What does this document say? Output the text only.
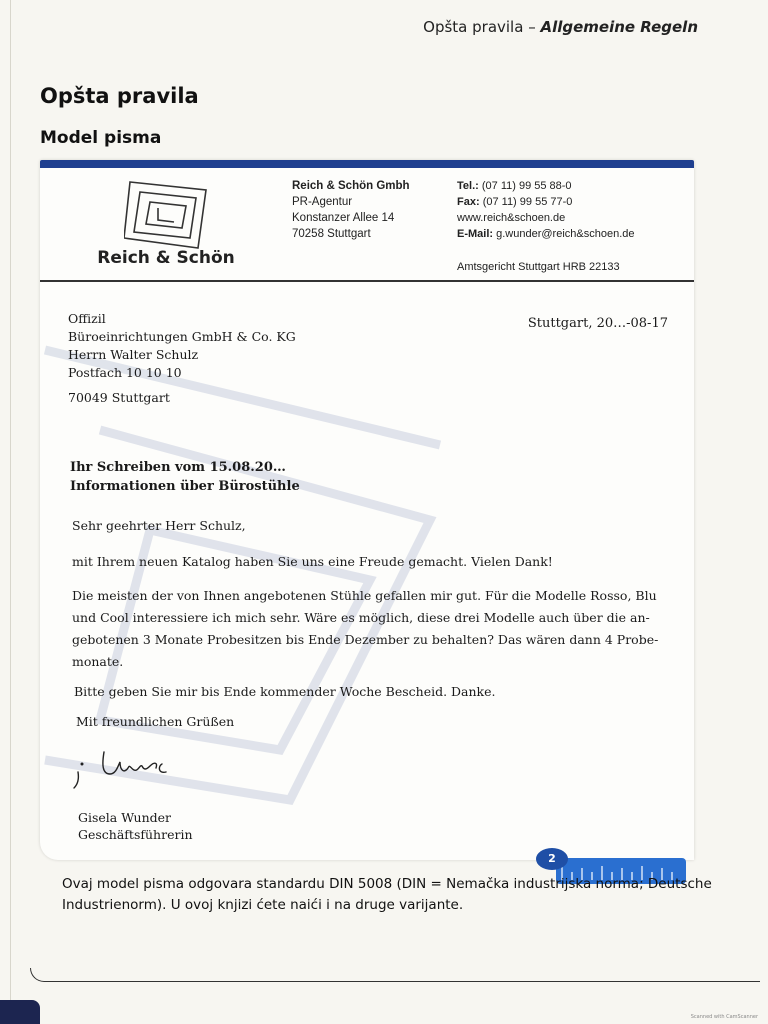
Opšta pravila – Allgemeine Regeln
Opšta pravila
Model pisma
Reich & Schön
Reich & Schön Gmbh
PR-Agentur
Konstanzer Allee 14
70258 Stuttgart
Tel.: (07 11) 99 55 88-0
Fax: (07 11) 99 55 77-0
www.reich&schoen.de
E-Mail: g.wunder@reich&schoen.de
Amtsgericht Stuttgart HRB 22133
Offizil
Büroeinrichtungen GmbH & Co. KG
Herrn Walter Schulz
Postfach 10 10 10
70049 Stuttgart
Stuttgart, 20…-08-17
Ihr Schreiben vom 15.08.20…
Informationen über Bürostühle
Sehr geehrter Herr Schulz,
mit Ihrem neuen Katalog haben Sie uns eine Freude gemacht. Vielen Dank!
Die meisten der von Ihnen angebotenen Stühle gefallen mir gut. Für die Modelle Rosso, Blu
und Cool interessiere ich mich sehr. Wäre es möglich, diese drei Modelle auch über die an-
gebotenen 3 Monate Probesitzen bis Ende Dezember zu behalten? Das wären dann 4 Probe-
monate.
Bitte geben Sie mir bis Ende kommender Woche Bescheid. Danke.
Mit freundlichen Grüßen
Gisela Wunder
Geschäftsführerin
2
Ovaj model pisma odgovara standardu DIN 5008 (DIN = Nemačka industrijska norma; Deutsche Industrienorm). U ovoj knjizi ćete naići i na druge varijante.
Scanned with CamScanner
